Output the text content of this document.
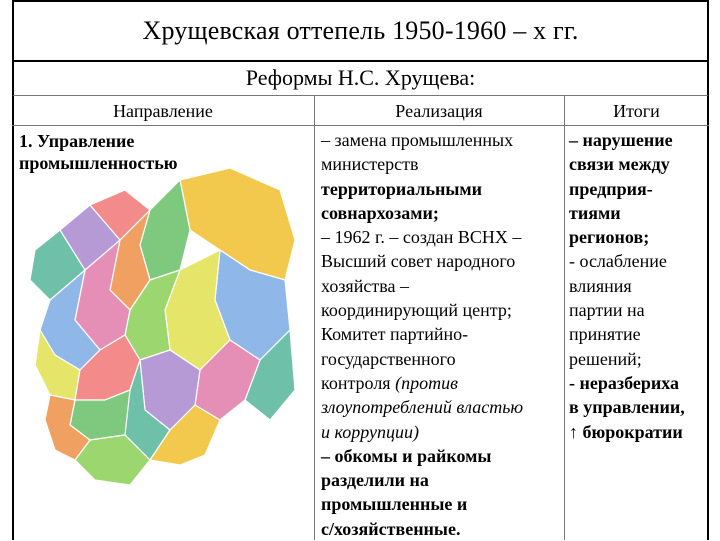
Хрущевская оттепель 1950-1960 – х гг.
Реформы Н.С. Хрущева:
Направление	Реализация	Итоги
1. Управление
промышленностью
– замена промышленных
министерств
территориальными
совнархозами;
– 1962 г. – создан ВСНХ –
Высший совет народного
хозяйства –
координирующий центр;
Комитет партийно-
государственного
контроля (против
злоупотреблений властью
и коррупции)
– обкомы и райкомы
разделили на
промышленные и
с/хозяйственные.
– нарушение
связи между
предприя-
тиями
регионов;
- ослабление
влияния
партии на
принятие
решений;
- неразбериха
в управлении,
↑ бюрократии
